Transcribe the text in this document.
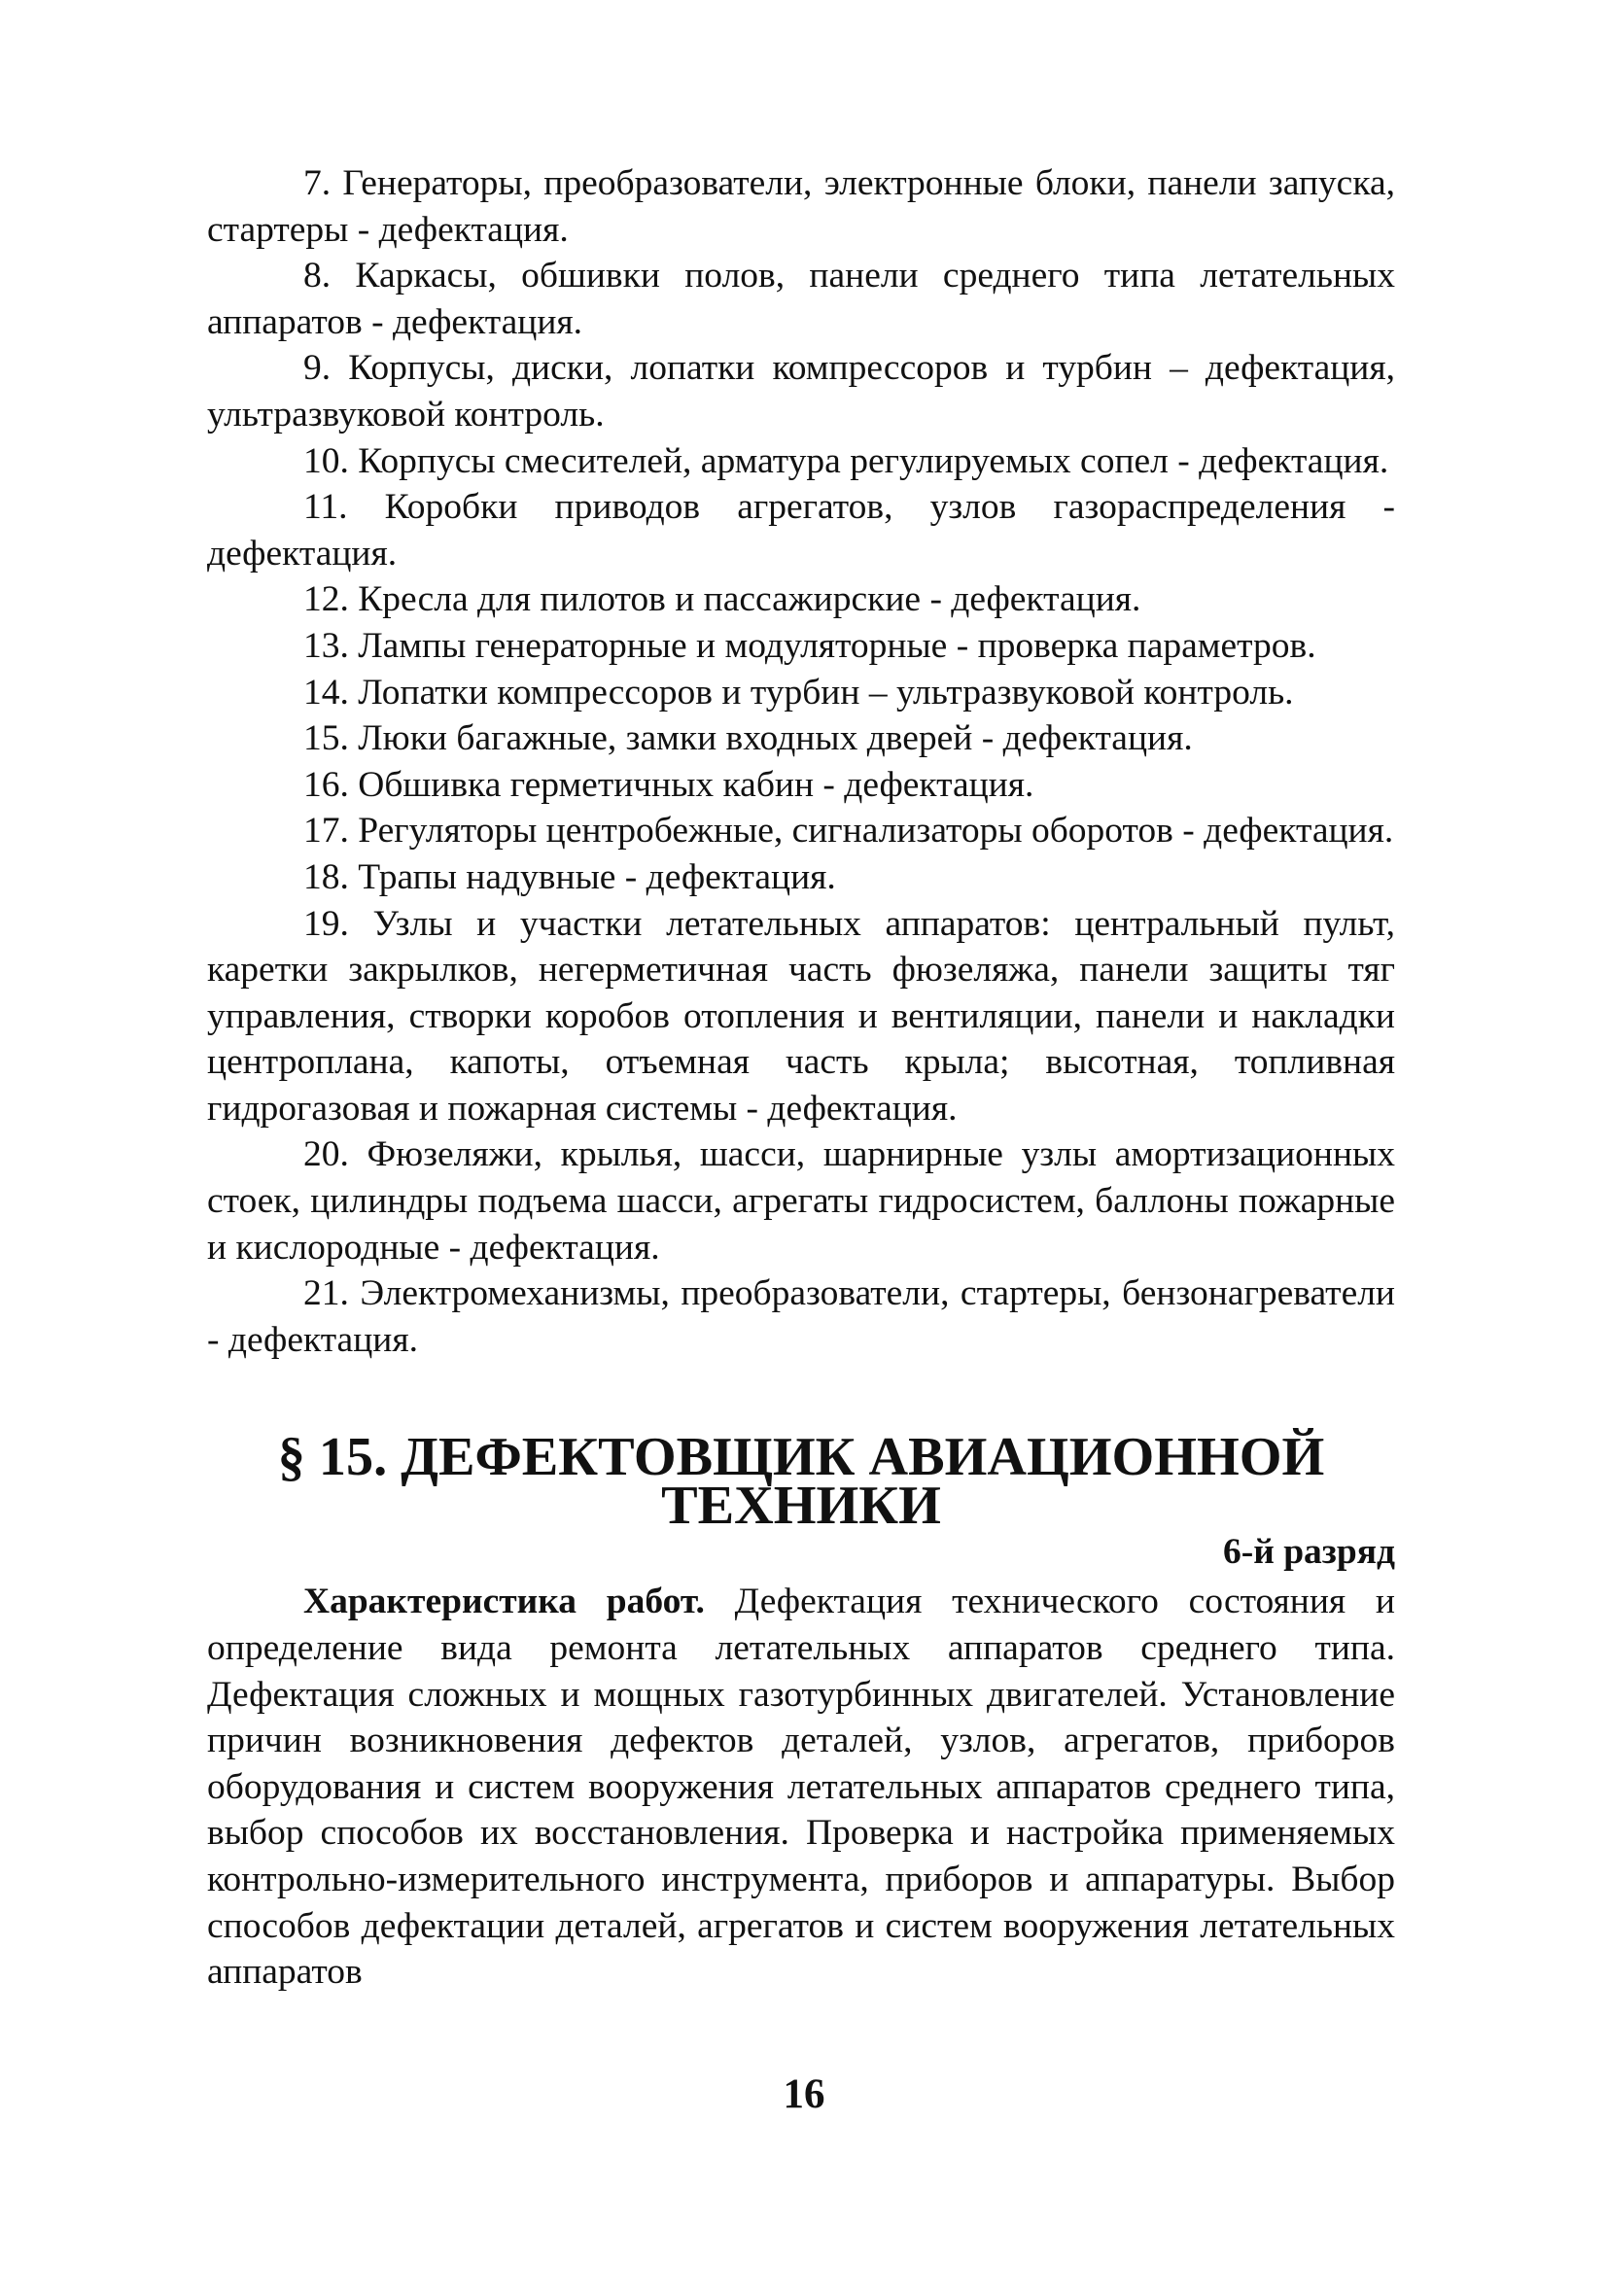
7. Генераторы, преобразователи, электронные блоки, панели запуска, стартеры - дефектация.

8. Каркасы, обшивки полов, панели среднего типа летательных аппаратов - дефектация.

9. Корпусы, диски, лопатки компрессоров и турбин – дефектация, ультразвуковой контроль.

10. Корпусы смесителей, арматура регулируемых сопел - дефектация.

11. Коробки приводов агрегатов, узлов газораспределения - дефектация.

12. Кресла для пилотов и пассажирские - дефектация.

13. Лампы генераторные и модуляторные - проверка параметров.

14. Лопатки компрессоров и турбин – ультразвуковой контроль.

15. Люки багажные, замки входных дверей - дефектация.

16. Обшивка герметичных кабин - дефектация.

17. Регуляторы центробежные, сигнализаторы оборотов - дефектация.

18. Трапы надувные - дефектация.

19. Узлы и участки летательных аппаратов: центральный пульт, каретки закрылков, негерметичная часть фюзеляжа, панели защиты тяг управления, створки коробов отопления и вентиляции, панели и накладки центроплана, капоты, отъемная часть крыла; высотная, топливная гидрогазовая и пожарная системы - дефектация.

20. Фюзеляжи, крылья, шасси, шарнирные узлы амортизационных стоек, цилиндры подъема шасси, агрегаты гидросистем, баллоны пожарные и кислородные - дефектация.

21. Электромеханизмы, преобразователи, стартеры, бензонагреватели - дефектация.

§ 15. ДЕФЕКТОВЩИК АВИАЦИОННОЙ ТЕХНИКИ

6-й разряд

Характеристика работ. Дефектация технического состояния и определение вида ремонта летательных аппаратов среднего типа. Дефектация сложных и мощных газотурбинных двигателей. Установление причин возникновения дефектов деталей, узлов, агрегатов, приборов оборудования и систем вооружения летательных аппаратов среднего типа, выбор способов их восстановления. Проверка и настройка применяемых контрольно-измерительного инструмента, приборов и аппаратуры. Выбор способов дефектации деталей, агрегатов и систем вооружения летательных аппаратов

16
